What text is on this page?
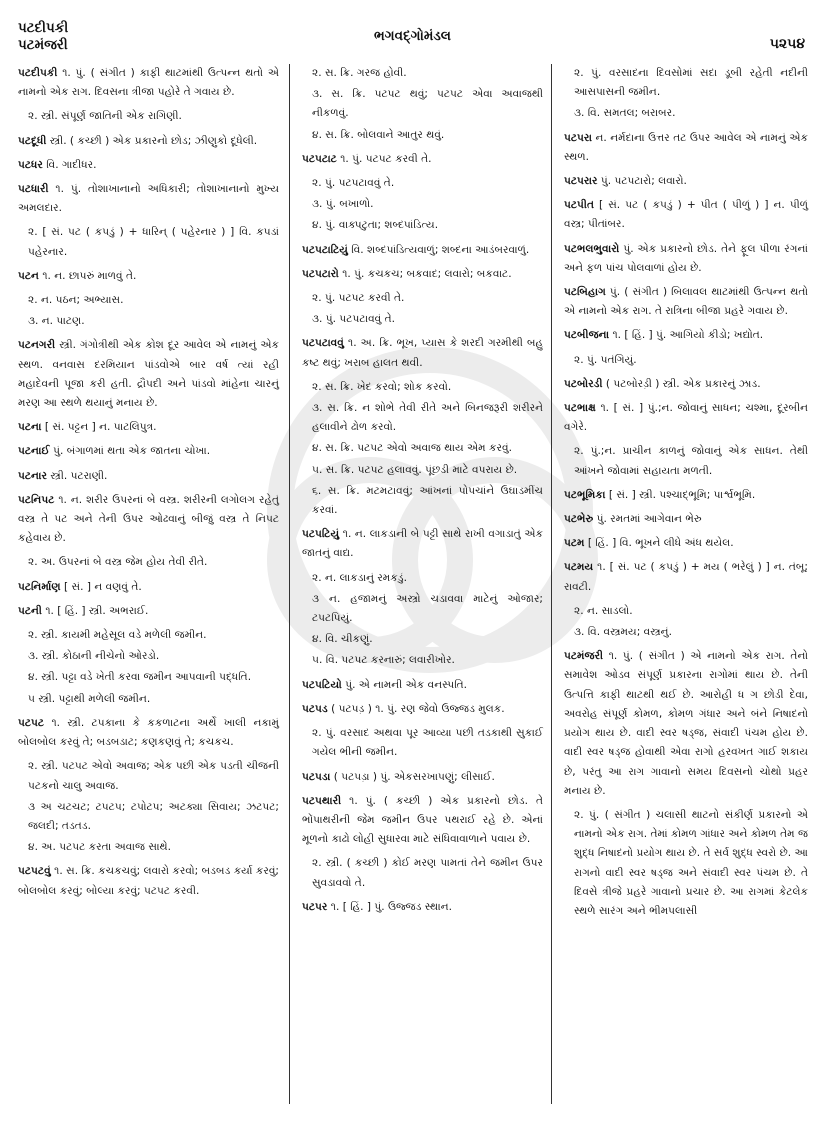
પટદીપકી
પટમંજરી
ભગવદ્ગોમંડલ	૫૨૫૪
પટદીપકી ૧. પું. ( સંગીત ) કાફી થાટમાંથી ઉત્પન્ન થતો એ નામનો એક રાગ. દિવસના ત્રીજા પહોરે તે ગવાય છે.
૨. સ્ત્રી. સંપૂર્ણ જાતિની એક રાગિણી.
પટદૂધી સ્ત્રી. ( કચ્છી ) એક પ્રકારનો છોડ; ઝીણુકો દૂધેલી.
પટધર વિ. ગાદીધર.
પટધારી ૧. પું. તોશાખાનાનો અધિકારી; તોશાખાનાનો મુખ્ય અમલદાર.
૨. [ સં. પટ ( કપડું ) + ધારિન્ ( પહેરનાર ) ] વિ. કપડાં પહેરનાર.
પટન ૧. ન. છાપરું માળવું તે.
૨. ન. પઠન; અભ્યાસ.
૩. ન. પાટણ.
પટનગરી સ્ત્રી. ગંગોત્રીથી એક કોશ દૂર આવેલ એ નામનું એક સ્થળ. વનવાસ દરમિયાન પાંડવોએ બાર વર્ષ ત્યાં રહી મહાદેવની પૂજા કરી હતી. દ્રૌપદી અને પાંડવો માંહેના ચારનું મરણ આ સ્થળે થયાનું મનાય છે.
પટના [ સં. પટ્ટન ] ન. પાટલિપુત્ર.
પટનાઈ પું. બંગાળમાં થતા એક જાતના ચોખા.
પટનાર સ્ત્રી. પટરાણી.
પટનિપટ ૧. ન. શરીર ઉપરનાં બે વસ્ત્ર. શરીરની લગોલગ રહેતું વસ્ત્ર તે પટ અને તેની ઉપર ઓઢવાનું બીજું વસ્ત્ર તે નિપટ કહેવાય છે.
૨. અ. ઉપરનાં બે વસ્ત્ર જેમ હોય તેવી રીતે.
પટનિર્માણ [ સં. ] ન વણવું તે.
પટની ૧. [ હિં. ] સ્ત્રી. અભરાઈ.
૨. સ્ત્રી. કાયમી મહેસૂલ વડે મળેલી જમીન.
૩. સ્ત્રી. કોઠાની નીચેનો ઓરડો.
૪. સ્ત્રી. પટ્ટા વડે ખેતી કરવા જમીન આપવાની પદ્ધતિ.
૫ સ્ત્રી. પટ્ટાથી મળેલી જમીન.
પટપટ ૧. સ્ત્રી. ટપકાના કે કકળાટના અર્થે ખાલી નકામું બોલબોલ કરવું તે; બડબડાટ; કણકણવું તે; કચકચ.
૨. સ્ત્રી. પટપટ એવો અવાજ; એક પછી એક પડતી ચીજની પટકનો ચાલુ અવાજ.
૩ અ ચટચટ; ટપટપ; ટપોટપ; અટક્યા સિવાય; ઝટપટ; જલદી; તડતડ.
૪. અ. પટપટ કરતા અવાજ સાથે.
પટપટવું ૧. સ. ક્રિ. કચકચવું; લવારો કરવો; બડબડ કર્યા કરવું; બોલબોલ કરવું; બોલ્યા કરવું; પટપટ કરવી.
૨. સ. ક્રિ. ગરજ હોવી.
૩. સ. ક્રિ. પટપટ થવું; પટપટ એવા અવાજથી નીકળવું.
૪. સ. ક્રિ. બોલવાને આતુર થવું.
પટપટાટ ૧. પું. પટપટ કરવી તે.
૨. પું. પટપટાવવું તે.
૩. પું. બખાળો.
૪. પું. વાક્પટુતા; શબ્દપાંડિત્ય.
પટપટાટિયું વિ. શબ્દપાંડિત્યવાળું; શબ્દના આડંબરવાળું.
પટપટારો ૧. પું. કચકચ; બકવાદ; લવારો; બકવાટ.
૨. પું. પટપટ કરવી તે.
૩. પું. પટપટાવવું તે.
પટપટાવવું ૧. અ. ક્રિ. ભૂખ, પ્યાસ કે શરદી ગરમીથી બહુ કષ્ટ થવું; ખરાબ હાલત થવી.
૨. સ. ક્રિ. ખેદ કરવો; શોક કરવો.
૩. સ. ક્રિ. ન શોભે તેવી રીતે અને બિનજરૂરી શરીરને હલાવીને ઢોળ કરવો.
૪. સ. ક્રિ. પટપટ એવો અવાજ થાય એમ કરવું.
૫. સ. ક્રિ. પટપટ હલાવવું. પૂંછડી માટે વપરાય છે.
૬. સ. ક્રિ. મટમટાવવું; આંખનાં પોપચાંને ઉઘાડમીંચ કરવાં.
પટપટિયું ૧. ન. લાકડાની બે પટ્ટી સાથે રાખી વગાડાતું એક જાતનું વાદ્ય.
૨. ન. લાકડાનું રમકડું.
૩ ન. હજામનું અસ્ત્રો ચડાવવા માટેનું ઓજાર; ટપટપિયું.
૪. વિ. ચીકણું.
૫. વિ. પટપટ કરનારું; લવારીખોર.
પટપટિયો પું. એ નામની એક વનસ્પતિ.
પટપડ ( પટપડ઼ ) ૧. પું. રણ જેવો ઉજ્જડ મુલક.
૨. પું. વરસાદ અથવા પૂર આવ્યા પછી તડકાથી સુકાઈ ગયેલ ભીની જમીન.
પટપડા ( પટપડ઼ા ) પું. એકસરખાપણું; લીસાઈ.
પટપથારી ૧. પું. ( કચ્છી ) એક પ્રકારનો છોડ. તે ભોંપાથરીની જેમ જમીન ઉપર પથરાઈ રહે છે. એનાં મૂળનો કાઢો લોહી સુધારવા માટે સંધિવાવાળાને પવાય છે.
૨. સ્ત્રી. ( કચ્છી ) કોઈ મરણ પામતાં તેને જમીન ઉપર સુવડાવવો તે.
પટપર ૧. [ હિં. ] પું. ઉજ્જડ સ્થાન.
૨. પું. વરસાદના દિવસોમાં સદા ડૂબી રહેતી નદીની આસપાસની જમીન.
૩. વિ. સમતલ; બરાબર.
પટપરા ન. નર્મદાના ઉત્તર તટ ઉપર આવેલ એ નામનું એક સ્થળ.
પટપરાર પું. પટપટારો; લવારો.
પટપીત [ સં. પટ ( કપડું ) + પીત ( પીળું ) ] ન. પીળું વસ્ત્ર; પીતાંબર.
પટભલભુવારો પું. એક પ્રકારનો છોડ. તેને ફૂલ પીળા રંગનાં અને ફળ પાંચ પોલવાળાં હોય છે.
પટબિહાગ પું. ( સંગીત ) બિલાવલ થાટમાંથી ઉત્પન્ન થતો એ નામનો એક રાગ. તે રાત્રિના બીજા પ્રહરે ગવાય છે.
પટબીજના ૧. [ હિં. ] પું. આગિયો કીડો; ખદ્યોત.
૨. પું. પતંગિયું.
પટબોરડી ( પટબોરડ઼ી ) સ્ત્રી. એક પ્રકારનું ઝાડ.
પટભાક્ષ ૧. [ સં. ] પું.;ન. જોવાનું સાધન; ચશ્મા, દૂરબીન વગેરે.
૨. પું.;ન. પ્રાચીન કાળનું જોવાનું એક સાધન. તેથી આંખને જોવામાં સહાયતા મળતી.
પટભૂમિકા [ સં. ] સ્ત્રી. પશ્ચાદ્ભૂમિ; પાર્શ્વભૂમિ.
પટભેરુ પું. રમતમાં આગેવાન ભેરુ
પટમ [ હિં. ] વિ. ભૂખને લીધે અંધ થયેલ.
પટમય ૧. [ સં. પટ ( કપડું ) + મય ( ભરેલું ) ] ન. તંબૂ; રાવટી.
૨. ન. સાડલો.
૩. વિ. વસ્ત્રમય; વસ્ત્રનું.
પટમંજરી ૧. પું. ( સંગીત ) એ નામનો એક રાગ. તેનો સમાવેશ ઓડવ સંપૂર્ણ પ્રકારના રાગોમાં થાય છે. તેની ઉત્પત્તિ કાફી થાટથી થઈ છે. આરોહી ધ ગ છોડી દેવા, અવરોહ સંપૂર્ણ કોમળ, કોમળ ગંધાર અને બંને નિષાદનો પ્રયોગ થાય છે. વાદી સ્વર ષડ્જ, સંવાદી પંચમ હોય છે. વાદી સ્વર ષડ્જ હોવાથી એવા રાગો હરવખત ગાઈ શકાય છે, પરંતુ આ રાગ ગાવાનો સમય દિવસનો ચોથો પ્રહર મનાય છે.
૨. પું. ( સંગીત ) ચલાસી થાટનો સંકીર્ણ પ્રકારનો એ નામનો એક રાગ. તેમાં કોમળ ગાંધાર અને કોમળ તેમ જ શુદ્ધ નિષાદનો પ્રયોગ થાય છે. તે સર્વ શુદ્ધ સ્વરો છે. આ રાગનો વાદી સ્વર ષડ્જ અને સંવાદી સ્વર પંચમ છે. તે દિવસે ત્રીજે પ્રહરે ગાવાનો પ્રચાર છે. આ રાગમાં કેટલેક સ્થળે સારંગ અને ભીમપલાસી
